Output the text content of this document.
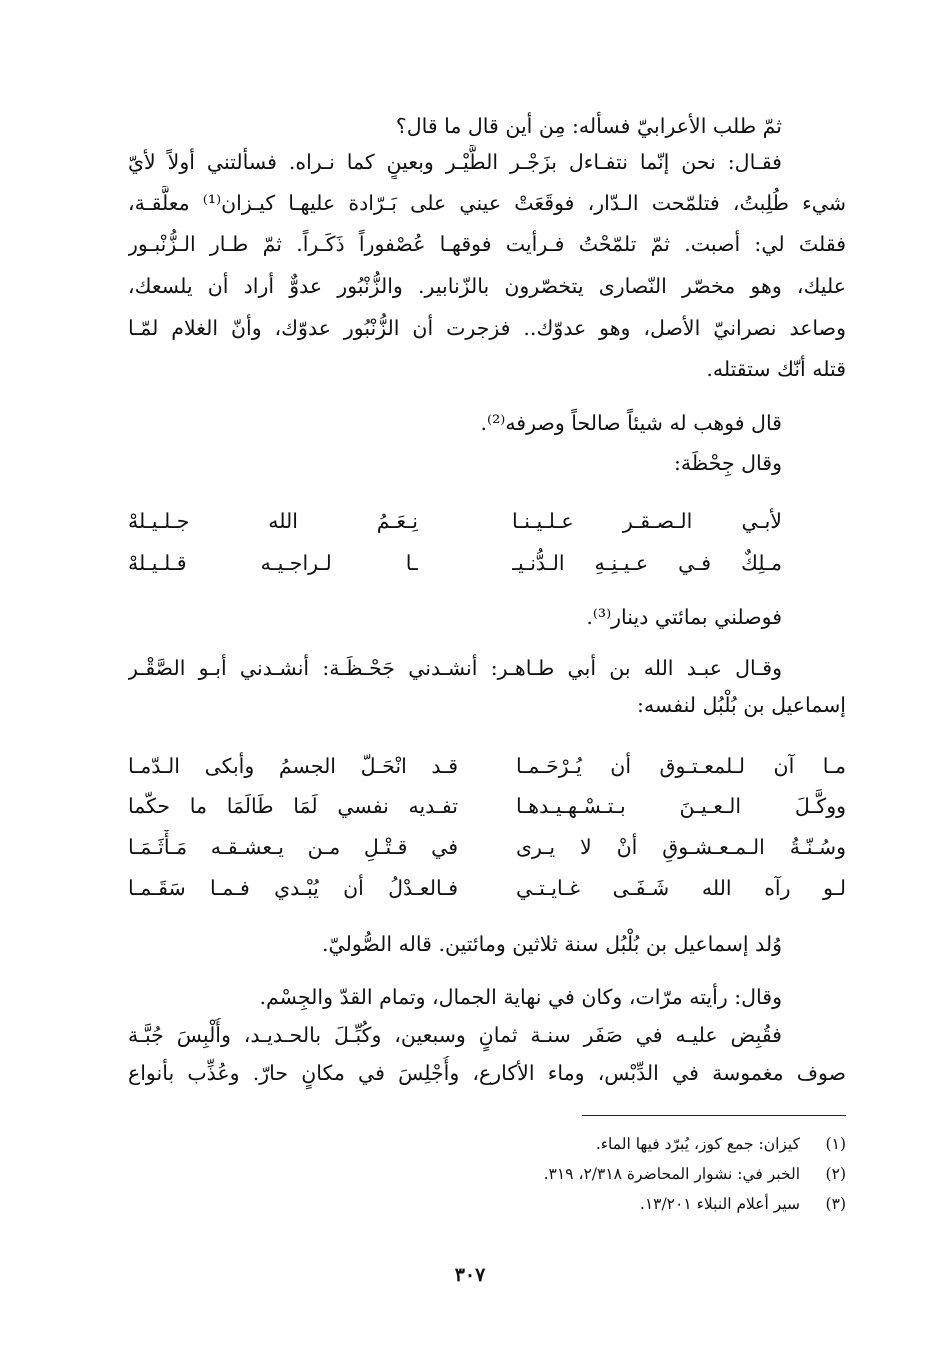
ثمّ طلب الأعرابيّ فسأله: مِن أين قال ما قال؟
فقـال: نحن إنّما نتفـاءل بزَجْـر الطَّيْـر وبعينٍ كما نـراه. فسألتني أولاً لأيّ
شيء طُلِبتُ، فتلمّحت الـدّار، فوقَعَتْ عيني على بَـرّادة عليهـا كيـزان⁽¹⁾ معلَّقـة،
فقلتَ لي: أصبت. ثمّ تلمّحْتُ فـرأيت فوقهـا عُصْفوراً ذَكَـراً. ثمّ طـار الـزُّنْبـور
عليك، وهو مخصّر النّصارى يتخصّرون بالزّنابير. والزُّنْبُور عدوٌّ أراد أن يلسعك،
وصاعد نصرانيّ الأصل، وهو عدوّك.. فزجرت أن الزُّنْبُور عدوّك، وأنّ الغلام لمّـا
قتله أنّك ستقتله.
قال فوهب له شيئاً صالحاً وصرفه⁽²⁾.
وقال جِحْظَة:
لأبـي الـصـقـر عـلـيـنـا
نِـعَـمُ الله جـلـيـلهْ
مـلِكٌ فـي عـيـنِـهِ الـدُّنـيـ
ـا لـراجـيـه قـلـيـلهْ
فوصلني بمائتي دينار⁽³⁾.
وقـال عبـد الله بن أبي طـاهـر: أنشـدني جَحْـظَـة: أنشـدني أبـو الصَّقْـر
إسماعيل بن بُلْبُل لنفسه:
مـا آن لـلمعـتـوق أن يُـرْحَـمـا
قـد انْحَـلّ الجسمُ وأبكى الـدّمـا
ووكَّـلَ الـعـيـنَ بـتـسْـهـيـدهـا
تفـديه نفسي لَمَا طَالَمَا ما حكّما
وسُـنّـةُ الـمـعـشـوقِ أنْ لا يـرى
في قـتْـلِ مـن يـعشـقـه مَـأْثَـمَـا
لـو رآه الله شَـفَـى غـايـتـي
فـالعـدْلُ أن يُبْـدي فـمـا سَقَـمـا
وُلد إسماعيل بن بُلْبُل سنة ثلاثين ومائتين. قاله الصُّوليّ.
وقال: رأيته مرّات، وكان في نهاية الجمال، وتمام القدّ والجِسْم.
فقُبِض عليـه في صَفَر سنـة ثمانٍ وسبعين، وكُبِّـلَ بالحـديـد، وأُلْبِسَ جُبَّـة
صوف مغموسة في الدِّبْس، وماء الأكارع، وأُجْلِسَ في مكانٍ حارّ. وعُذِّب بأنواع
(١)
كيزان: جمع كوز، يُبرّد فيها الماء.
(٢)
الخبر في: نشوار المحاضرة ٢/٣١٨، ٣١٩.
(٣)
سير أعلام النبلاء ١٣/٢٠١.
٣٠٧
